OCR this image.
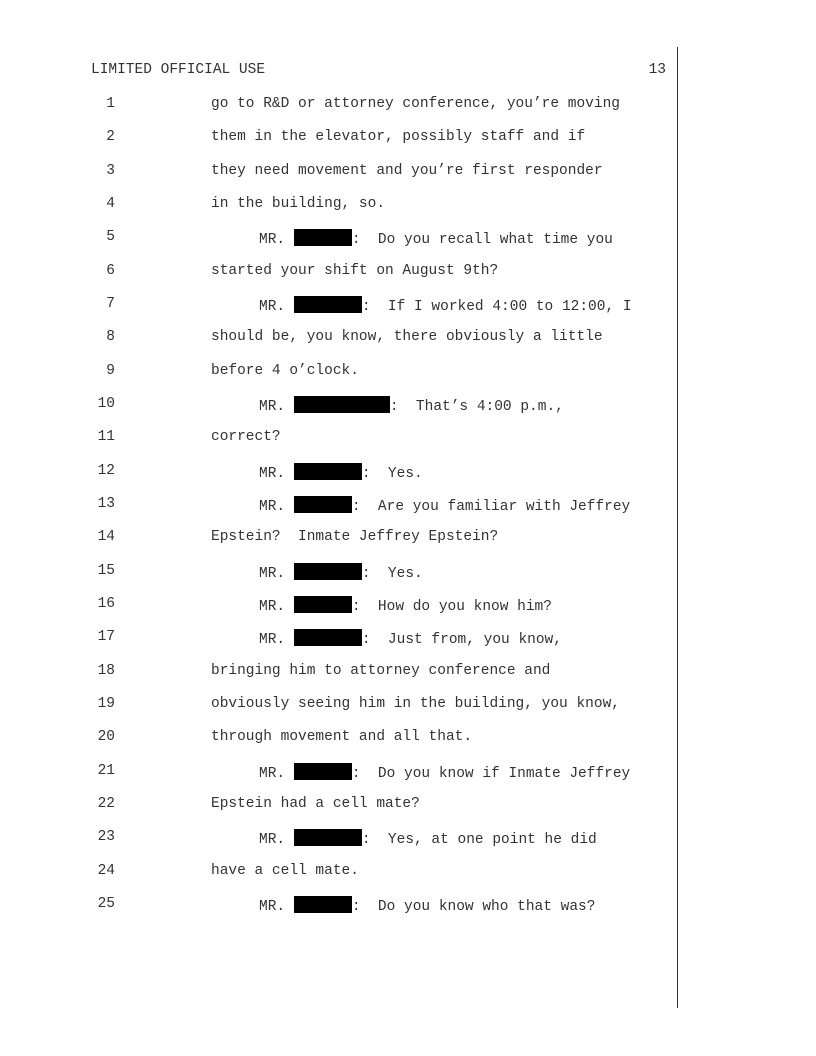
LIMITED OFFICIAL USE	13

1

	go to R&D or attorney conference, you’re moving

2

	them in the elevator, possibly staff and if

3

	they need movement and you’re first responder

4

	in the building, so.

5

	MR.	:  Do you recall what time you

6

	started your shift on August 9th?

7

	MR.	:  If I worked 4:00 to 12:00, I

8

	should be, you know, there obviously a little

9

	before 4 o’clock.

10

	MR.	:  That’s 4:00 p.m.,

11

	correct?

12

	MR.	:  Yes.

13

	MR.	:  Are you familiar with Jeffrey

14

	Epstein?  Inmate Jeffrey Epstein?

15

	MR.	:  Yes.

16

	MR.	:  How do you know him?

17

	MR.	:  Just from, you know,

18

	bringing him to attorney conference and

19

	obviously seeing him in the building, you know,

20

	through movement and all that.

21

	MR.	:  Do you know if Inmate Jeffrey

22

	Epstein had a cell mate?

23

	MR.	:  Yes, at one point he did

24

	have a cell mate.

25

	MR.	:  Do you know who that was?
